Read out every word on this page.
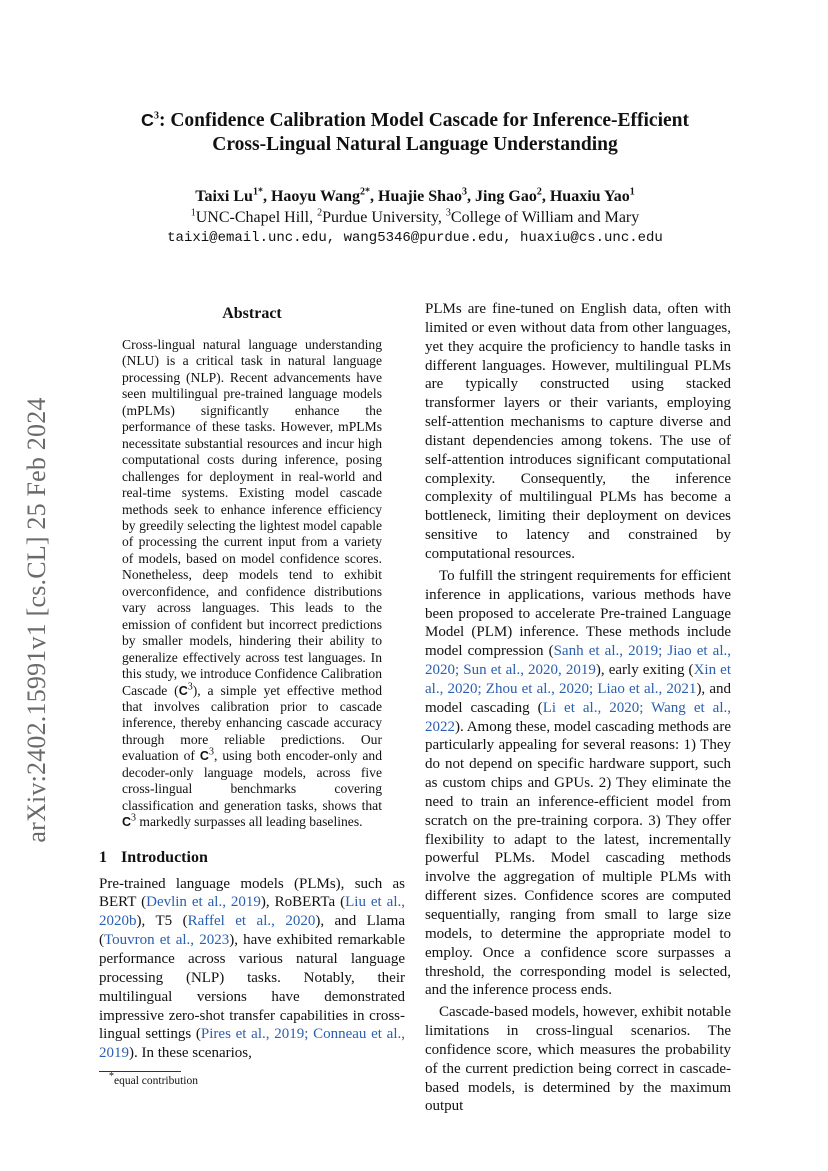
arXiv:2402.15991v1 [cs.CL] 25 Feb 2024
$C^3$: Confidence Calibration Model Cascade for Inference-Efficient
Cross-Lingual Natural Language Understanding
Taixi $Lu^{1*}$, Haoyu Wang$^{2*}$, Huajie Shao$^3$, Jing Gao$^2$, Huaxiu Yao$^1$
$^1$UNC-Chapel Hill, $^2$Purdue University, $^3$College of William and Mary
taixi@email.unc.edu, wang5346@purdue.edu, huaxiu@cs.unc.edu
Abstract
Cross-lingual natural language understanding (NLU) is a critical task in natural language processing (NLP). Recent advancements have seen multilingual pre-trained language models (mPLMs) significantly enhance the performance of these tasks. However, mPLMs necessitate substantial resources and incur high computational costs during inference, posing challenges for deployment in real-world and real-time systems. Existing model cascade methods seek to enhance inference efficiency by greedily selecting the lightest model capable of processing the current input from a variety of models, based on model confidence scores. Nonetheless, deep models tend to exhibit overconfidence, and confidence distributions vary across languages. This leads to the emission of confident but incorrect predictions by smaller models, hindering their ability to generalize effectively across test languages. In this study, we introduce Confidence Calibration Cascade $(C^3)$, a simple yet effective method that involves calibration prior to cascade inference, thereby enhancing cascade accuracy through more reliable predictions. Our evaluation of $C^3$, using both encoder-only and decoder-only language models, across five cross-lingual benchmarks covering classification and generation tasks, shows that $C^3$ markedly surpasses all leading baselines.
1 Introduction

Pre-trained language models (PLMs), such as BERT (Devlin et al., 2019), RoBERTa (Liu et al., 2020b), T5 (Raffel et al., 2020), and Llama (Touvron et al., 2023), have exhibited remarkable performance across various natural language processing (NLP) tasks. Notably, their multilingual versions have demonstrated impressive zero-shot transfer capabilities in cross-lingual settings (Pires et al., 2019; Conneau et al., 2019). In these scenarios,

*equal contribution

PLMs are fine-tuned on English data, often with limited or even without data from other languages, yet they acquire the proficiency to handle tasks in different languages. However, multilingual PLMs are typically constructed using stacked transformer layers or their variants, employing self-attention mechanisms to capture diverse and distant dependencies among tokens. The use of self-attention introduces significant computational complexity. Consequently, the inference complexity of multilingual PLMs has become a bottleneck, limiting their deployment on devices sensitive to latency and constrained by computational resources.

To fulfill the stringent requirements for efficient inference in applications, various methods have been proposed to accelerate Pre-trained Language Model (PLM) inference. These methods include model compression (Sanh et al., 2019; Jiao et al., 2020; Sun et al., 2020, 2019), early exiting (Xin et al., 2020; Zhou et al., 2020; Liao et al., 2021), and model cascading (Li et al., 2020; Wang et al., 2022). Among these, model cascading methods are particularly appealing for several reasons: 1) They do not depend on specific hardware support, such as custom chips and GPUs. 2) They eliminate the need to train an inference-efficient model from scratch on the pre-training corpora. 3) They offer flexibility to adapt to the latest, incrementally powerful PLMs. Model cascading methods involve the aggregation of multiple PLMs with different sizes. Confidence scores are computed sequentially, ranging from small to large size models, to determine the appropriate model to employ. Once a confidence score surpasses a threshold, the corresponding model is selected, and the inference process ends.

Cascade-based models, however, exhibit notable limitations in cross-lingual scenarios. The confidence score, which measures the probability of the current prediction being correct in cascade-based models, is determined by the maximum output
